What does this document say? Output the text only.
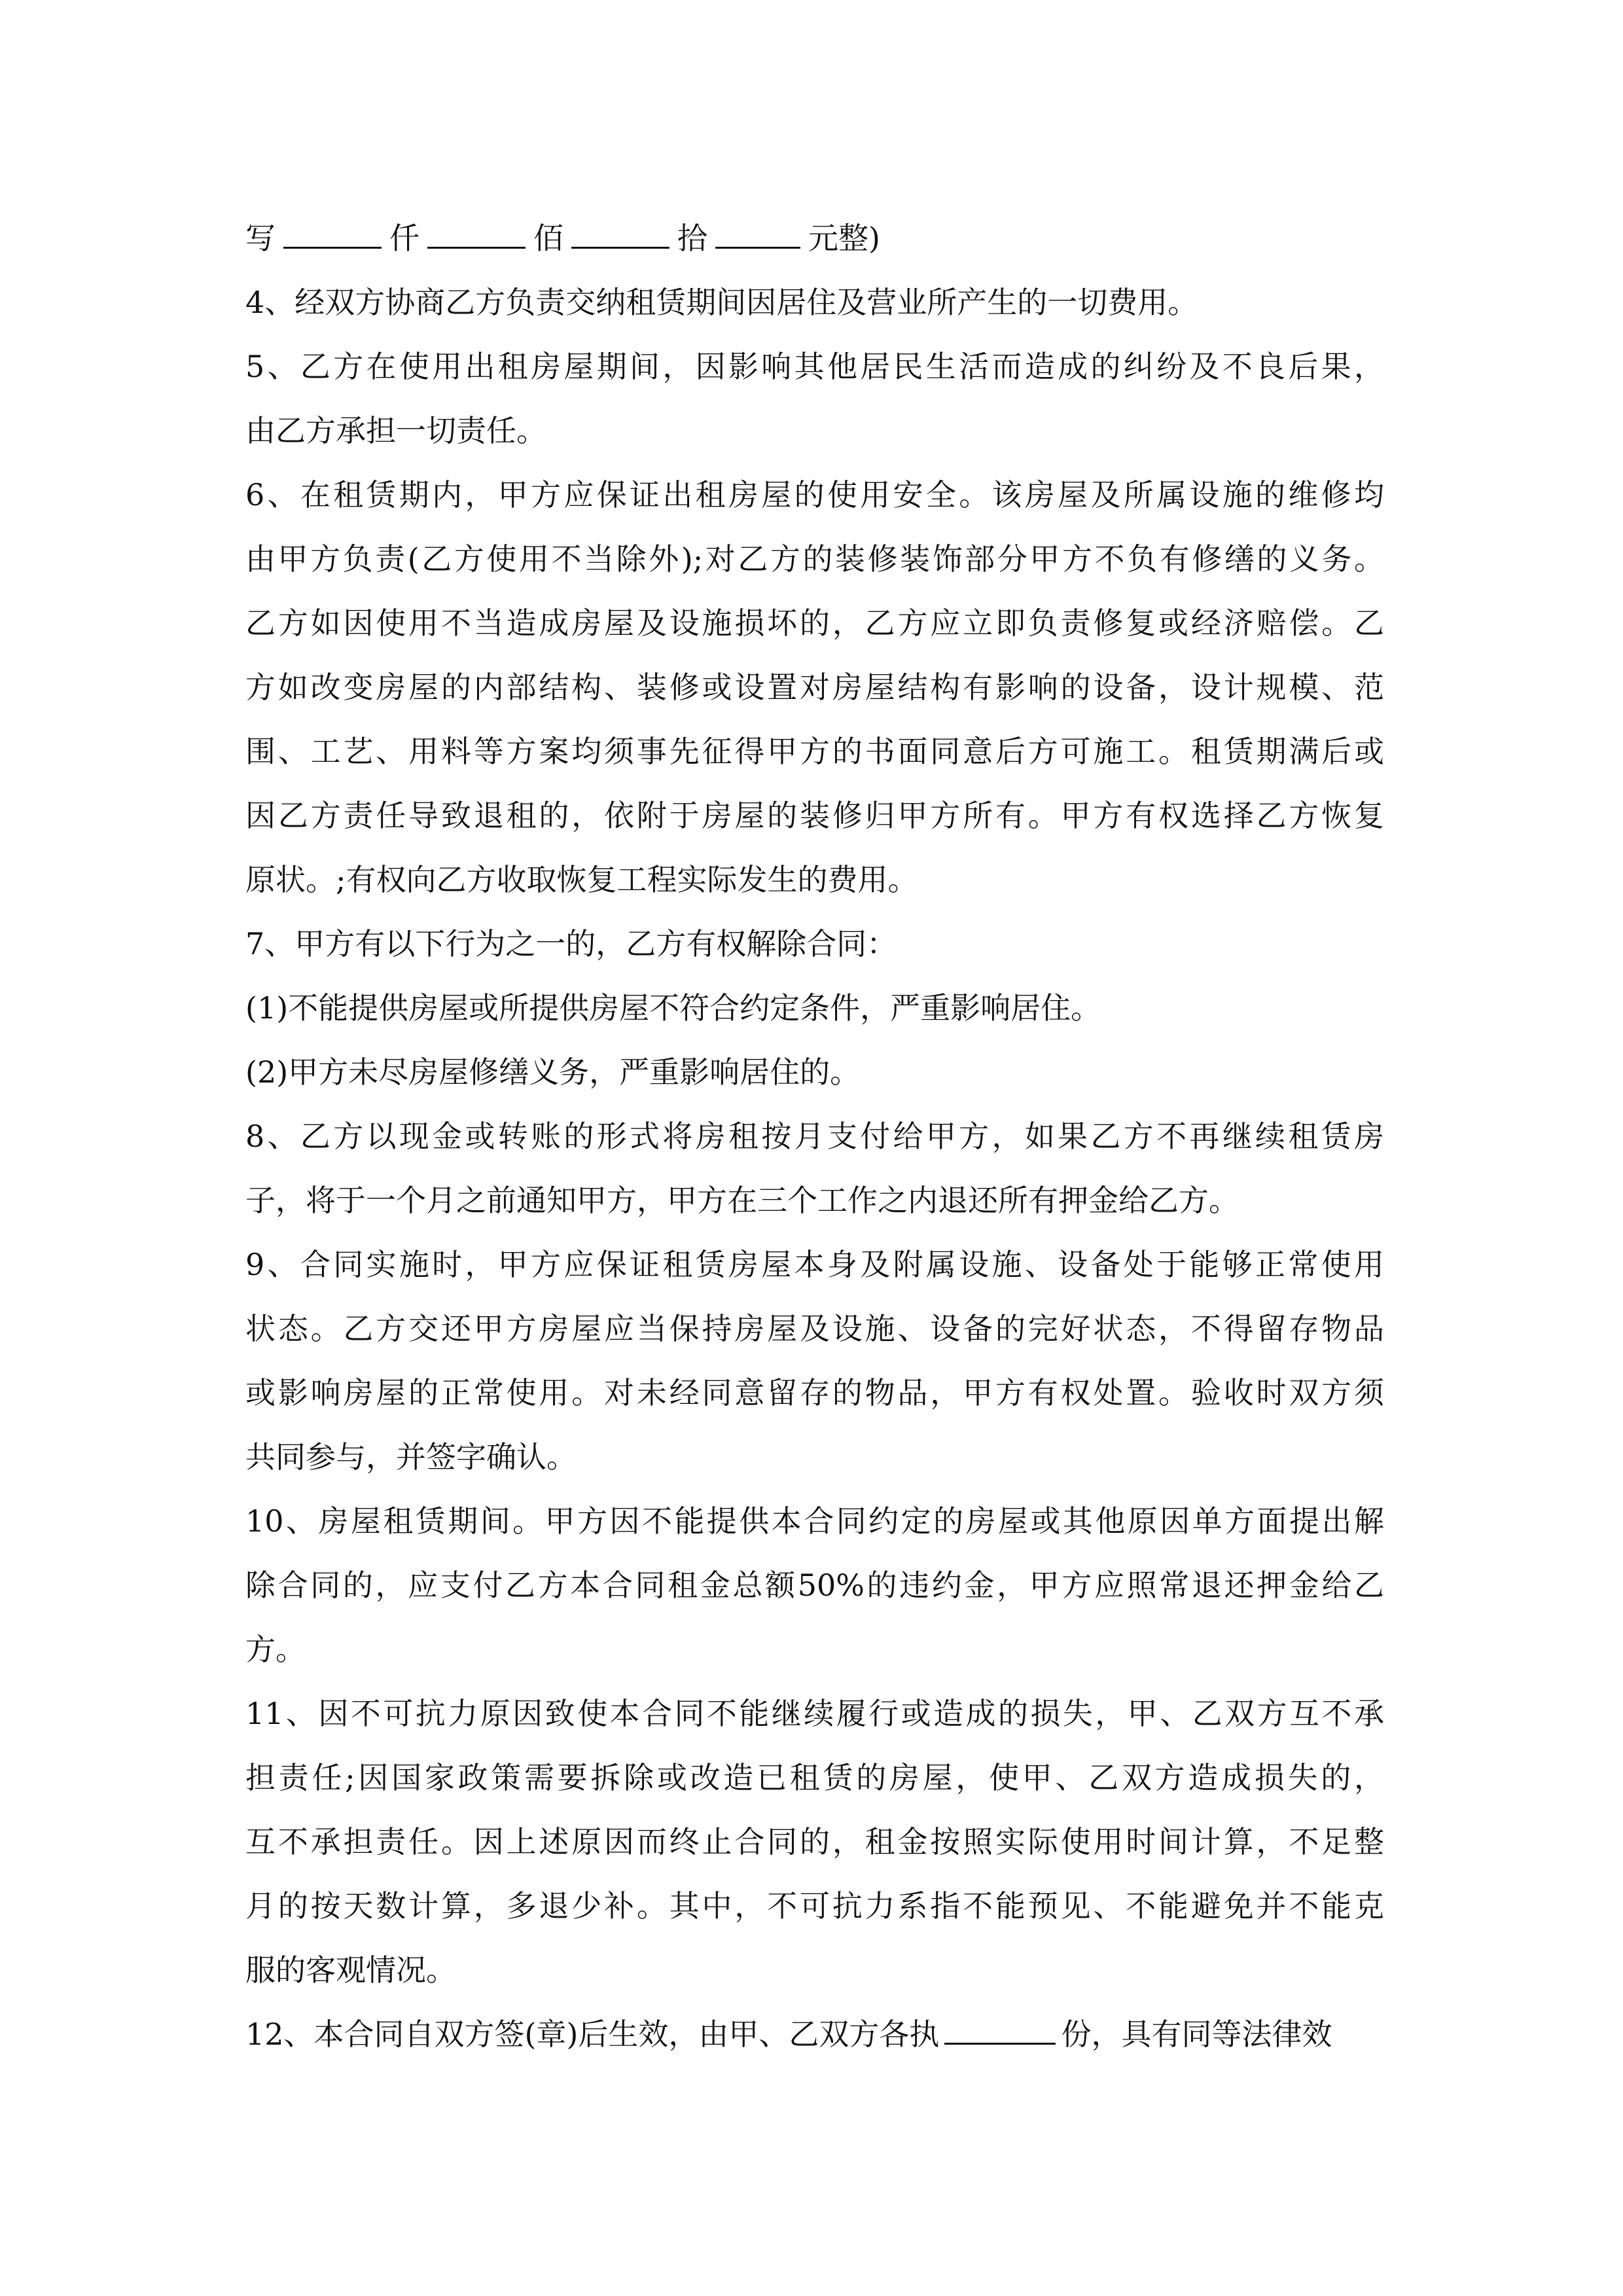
写	仟	佰	拾	元整)
4、经双方协商乙方负责交纳租赁期间因居住及营业所产生的一切费用。
5、乙方在使用出租房屋期间，因影响其他居民生活而造成的纠纷及不良后果，
由乙方承担一切责任。
6、在租赁期内，甲方应保证出租房屋的使用安全。该房屋及所属设施的维修均
由甲方负责(乙方使用不当除外);对乙方的装修装饰部分甲方不负有修缮的义务。
乙方如因使用不当造成房屋及设施损坏的，乙方应立即负责修复或经济赔偿。乙
方如改变房屋的内部结构、装修或设置对房屋结构有影响的设备，设计规模、范
围、工艺、用料等方案均须事先征得甲方的书面同意后方可施工。租赁期满后或
因乙方责任导致退租的，依附于房屋的装修归甲方所有。甲方有权选择乙方恢复
原状。;有权向乙方收取恢复工程实际发生的费用。
7、甲方有以下行为之一的，乙方有权解除合同：
(1)不能提供房屋或所提供房屋不符合约定条件，严重影响居住。
(2)甲方未尽房屋修缮义务，严重影响居住的。
8、乙方以现金或转账的形式将房租按月支付给甲方，如果乙方不再继续租赁房
子，将于一个月之前通知甲方，甲方在三个工作之内退还所有押金给乙方。
9、合同实施时，甲方应保证租赁房屋本身及附属设施、设备处于能够正常使用
状态。乙方交还甲方房屋应当保持房屋及设施、设备的完好状态，不得留存物品
或影响房屋的正常使用。对未经同意留存的物品，甲方有权处置。验收时双方须
共同参与，并签字确认。
10、房屋租赁期间。甲方因不能提供本合同约定的房屋或其他原因单方面提出解
除合同的，应支付乙方本合同租金总额50%的违约金，甲方应照常退还押金给乙
方。
11、因不可抗力原因致使本合同不能继续履行或造成的损失，甲、乙双方互不承
担责任;因国家政策需要拆除或改造已租赁的房屋，使甲、乙双方造成损失的，
互不承担责任。因上述原因而终止合同的，租金按照实际使用时间计算，不足整
月的按天数计算，多退少补。其中，不可抗力系指不能预见、不能避免并不能克
服的客观情况。
12、本合同自双方签(章)后生效，由甲、乙双方各执	份，具有同等法律效
